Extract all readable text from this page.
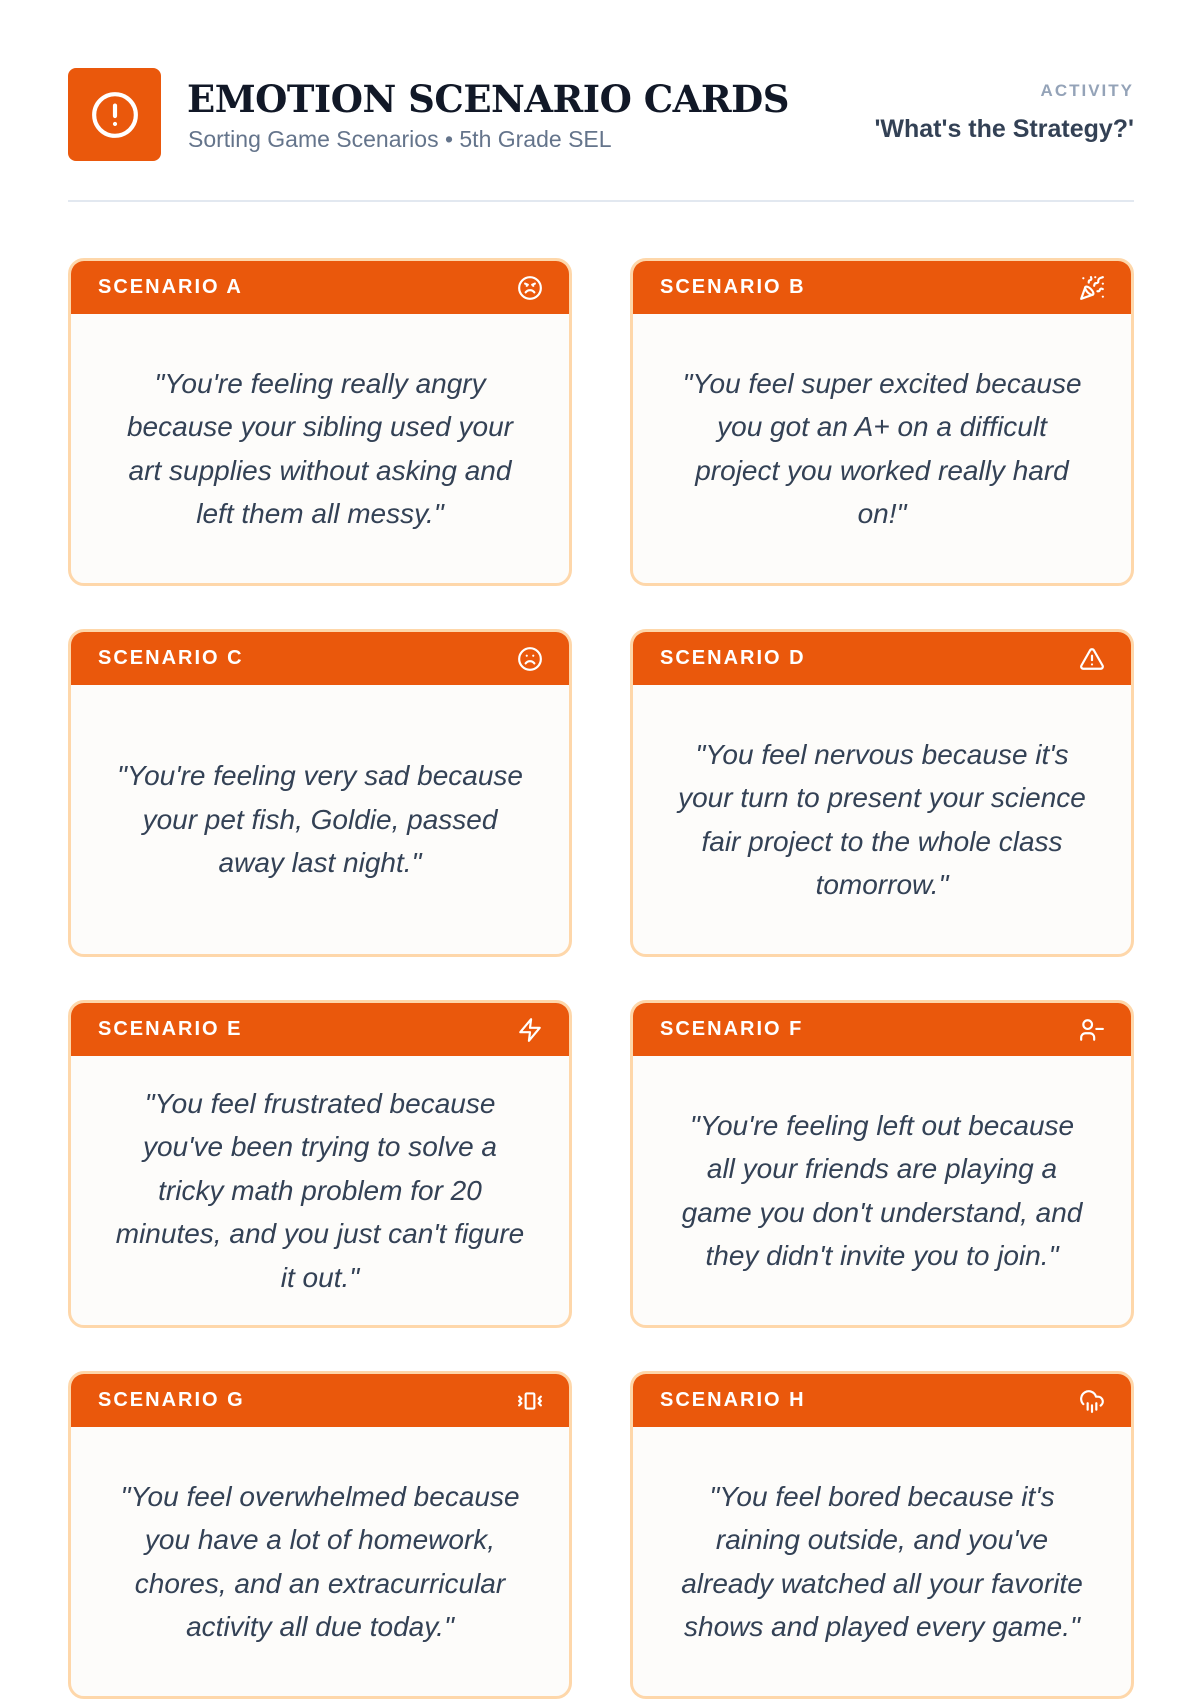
EMOTION SCENARIO CARDS
Sorting Game Scenarios • 5th Grade SEL
ACTIVITY
'What's the Strategy?'
SCENARIO A
"You're feeling really angry because your sibling used your art supplies without asking and left them all messy."
SCENARIO B
"You feel super excited because you got an A+ on a difficult project you worked really hard on!"
SCENARIO C
"You're feeling very sad because your pet fish, Goldie, passed away last night."
SCENARIO D
"You feel nervous because it's your turn to present your science fair project to the whole class tomorrow."
SCENARIO E
"You feel frustrated because you've been trying to solve a tricky math problem for 20 minutes, and you just can't figure it out."
SCENARIO F
"You're feeling left out because all your friends are playing a game you don't understand, and they didn't invite you to join."
SCENARIO G
"You feel overwhelmed because you have a lot of homework, chores, and an extracurricular activity all due today."
SCENARIO H
"You feel bored because it's raining outside, and you've already watched all your favorite shows and played every game."
